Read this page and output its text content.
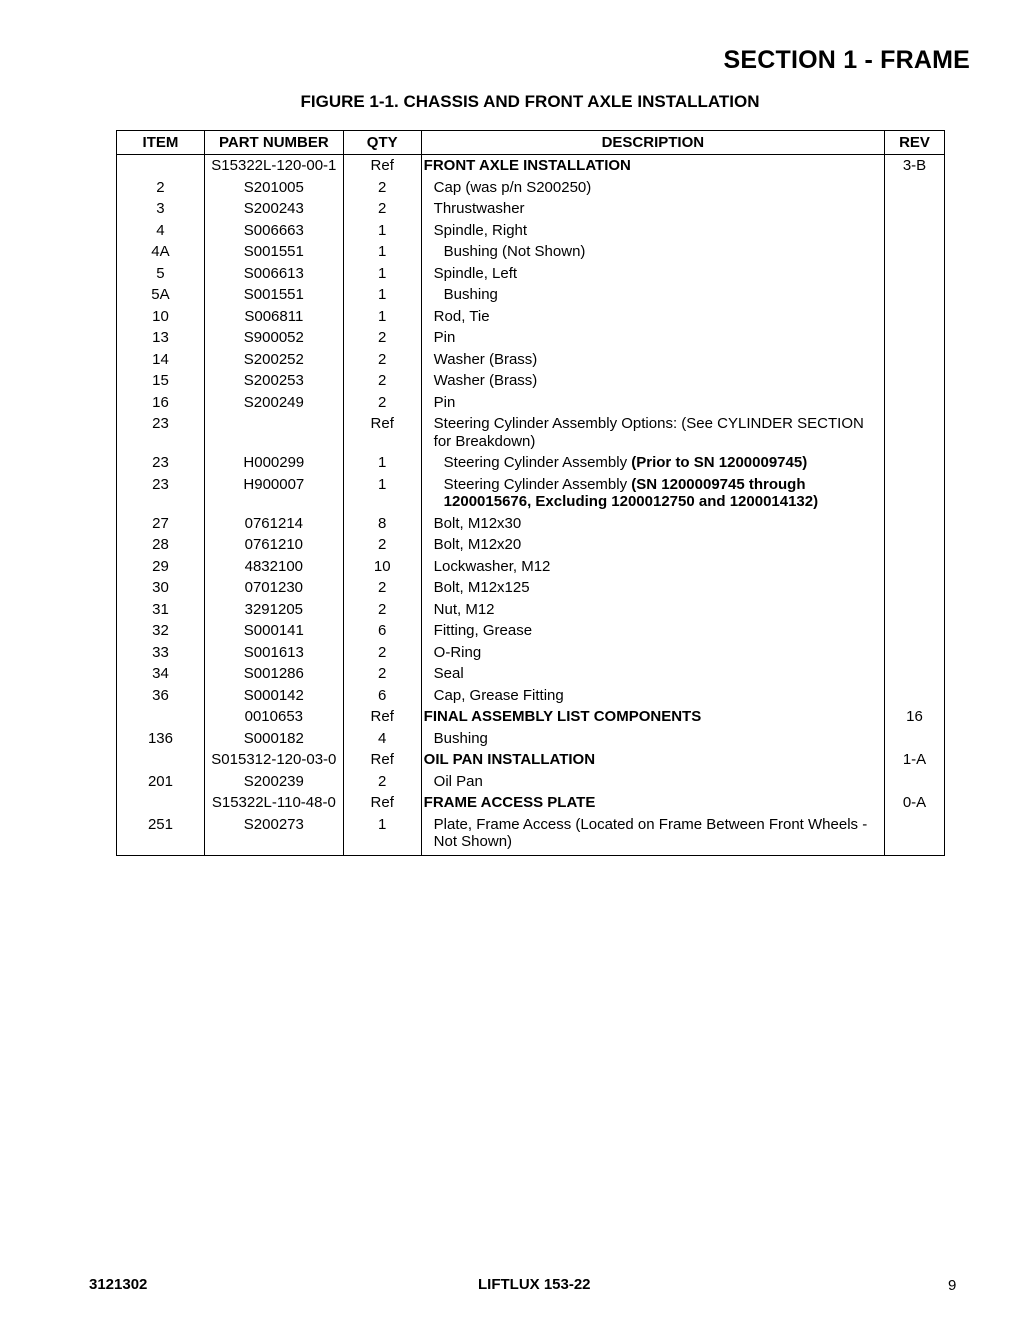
SECTION 1 - FRAME
FIGURE 1-1. CHASSIS AND FRONT AXLE INSTALLATION
ITEM	PART NUMBER	QTY	DESCRIPTION	REV
	S15322L-120-00-1	Ref	FRONT AXLE INSTALLATION	3-B
2	S201005	2	Cap (was p/n S200250)	

3	S200243	2	Thrustwasher	

4	S006663	1	Spindle, Right	

4A	S001551	1	Bushing (Not Shown)	

5	S006613	1	Spindle, Left	

5A	S001551	1	Bushing	

10	S006811	1	Rod, Tie	

13	S900052	2	Pin	

14	S200252	2	Washer (Brass)	

15	S200253	2	Washer (Brass)	

16	S200249	2	Pin	

23		Ref	Steering Cylinder Assembly Options: (See CYLINDER SECTION for Breakdown)	

23	H000299	1	Steering Cylinder Assembly (Prior to SN 1200009745)	

23	H900007	1	Steering Cylinder Assembly (SN 1200009745 through 1200015676, Excluding 1200012750 and 1200014132)	

27	0761214	8	Bolt, M12x30	

28	0761210	2	Bolt, M12x20	

29	4832100	10	Lockwasher, M12	

30	0701230	2	Bolt, M12x125	

31	3291205	2	Nut, M12	

32	S000141	6	Fitting, Grease	

33	S001613	2	O-Ring	

34	S001286	2	Seal	

36	S000142	6	Cap, Grease Fitting	

	0010653	Ref	FINAL ASSEMBLY LIST COMPONENTS	16
136	S000182	4	Bushing	

	S015312-120-03-0	Ref	OIL PAN INSTALLATION	1-A
201	S200239	2	Oil Pan	

	S15322L-110-48-0	Ref	FRAME ACCESS PLATE	0-A
251	S200273	1	Plate, Frame Access (Located on Frame Between Front Wheels - Not Shown)	

3121302	LIFTLUX 153-22	9
